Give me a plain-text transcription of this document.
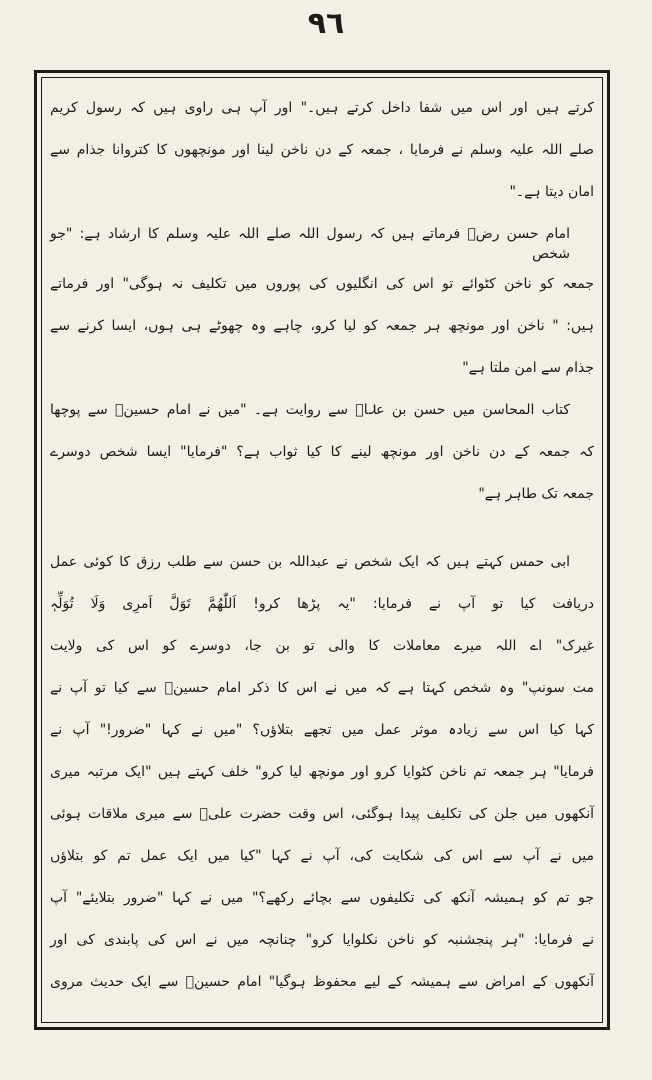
٩٦
کرتے ہیں اور اس میں شفا داخل کرتے ہیں۔" اور آپ ہی راوی ہیں کہ رسول کریم
صلے اللہ علیہ وسلم نے فرمایا ، جمعہ کے دن ناخن لینا اور مونچھوں کا کتروانا جذام سے
امان دیتا ہے۔"
امام حسن رضؓ فرماتے ہیں کہ رسول اللہ صلے اللہ علیہ وسلم کا ارشاد ہے: "جو شخص
جمعہ کو ناخن کٹوائے تو اس کی انگلیوں کی پوروں میں تکلیف نہ ہوگی" اور فرماتے
ہیں: " ناخن اور مونچھ ہر جمعہ کو لیا کرو، چاہے وہ چھوٹے ہی ہوں، ایسا کرنے سے
جذام سے امن ملتا ہے"
کتاب المحاسن میں حسن بن علاؓ سے روایت ہے۔ "میں نے امام حسینؓ سے پوچھا
کہ جمعہ کے دن ناخن اور مونچھ لینے کا کیا ثواب ہے؟ "فرمایا" ایسا شخص دوسرے
جمعہ تک طاہر ہے"
ابی حمس کہتے ہیں کہ ایک شخص نے عبداللہ بن حسن سے طلب رزق کا کوئی عمل
دریافت کیا تو آپ نے فرمایا: "یہ پڑھا کرو! اَللّٰھُمَّ تَوَلَّ اَمرِی وَلَا تُوَلِّہٖ
غیرک" اے اللہ میرے معاملات کا والی تو بن جا، دوسرے کو اس کی ولایت
مت سونپ" وہ شخص کہتا ہے کہ میں نے اس کا ذکر امام حسینؓ سے کیا تو آپ نے
کہا کیا اس سے زیادہ موثر عمل میں تجھے بتلاؤں؟ "میں نے کہا "ضرور!" آپ نے
فرمایا" ہر جمعہ تم ناخن کٹوایا کرو اور مونچھ لیا کرو" خلف کہتے ہیں "ایک مرتبہ میری
آنکھوں میں جلن کی تکلیف پیدا ہوگئی، اس وقت حضرت علیؓ سے میری ملاقات ہوئی
میں نے آپ سے اس کی شکایت کی، آپ نے کہا "کیا میں ایک عمل تم کو بتلاؤں
جو تم کو ہمیشہ آنکھ کی تکلیفوں سے بچائے رکھے؟" میں نے کہا "ضرور بتلایئے" آپ
نے فرمایا: "ہر پنجشنبہ کو ناخن نکلوایا کرو" چنانچہ میں نے اس کی پابندی کی اور
آنکھوں کے امراض سے ہمیشہ کے لیے محفوظ ہوگیا" امام حسینؓ سے ایک حدیث مروی
